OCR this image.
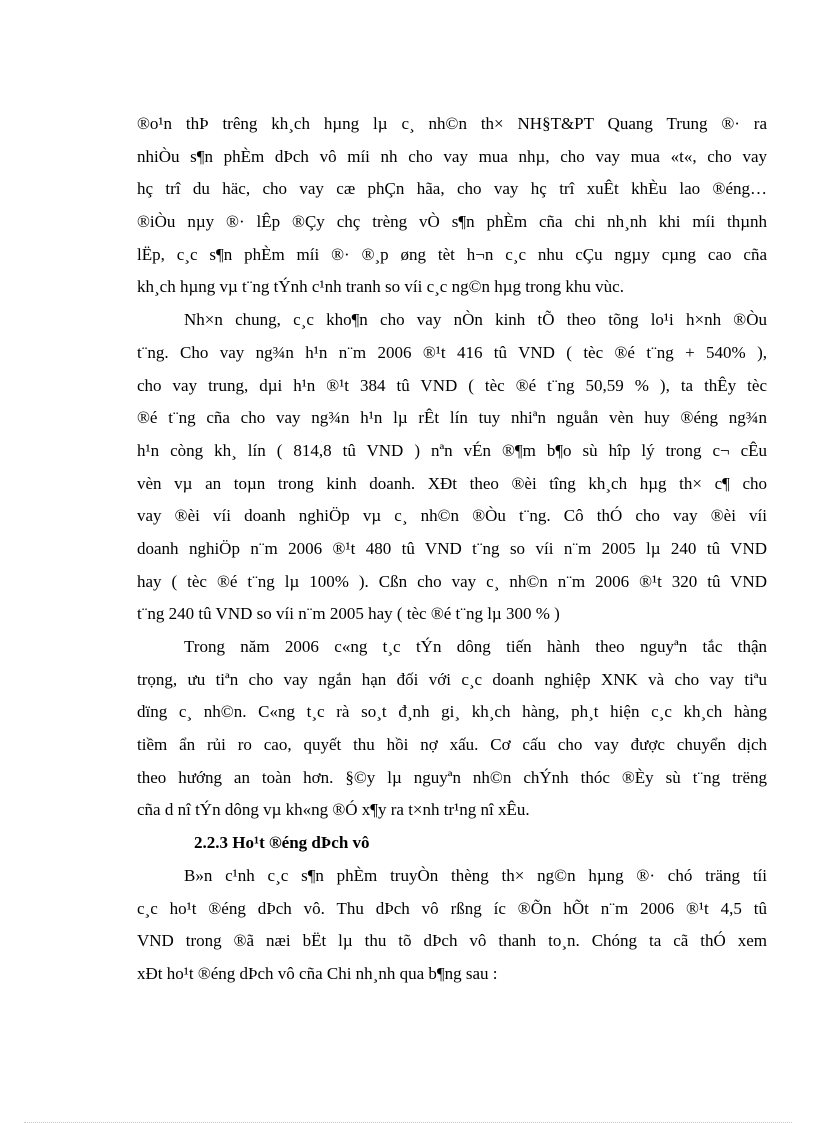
®o¹n thÞ trêng kh¸ch hµng lµ c¸ nh©n th× NH§T&PT Quang Trung ®· ra
nhiÒu s¶n phÈm dÞch vô míi nh cho vay mua nhµ, cho vay mua «t«, cho vay
hç trî du häc, cho vay cæ phÇn hãa, cho vay hç trî xuÊt khÈu lao ®éng…
®iÒu nµy ®· lÊp ®Çy chç trèng vÒ s¶n phÈm cña chi nh¸nh khi míi thµnh
lËp, c¸c s¶n phÈm míi ®· ®¸p øng tèt h¬n c¸c nhu cÇu ngµy cµng cao cña
kh¸ch hµng vµ t¨ng tÝnh c¹nh tranh so víi c¸c ng©n hµg trong khu vùc.
Nh×n chung, c¸c kho¶n cho vay nÒn kinh tÕ theo tõng lo¹i h×nh ®Òu
t¨ng. Cho vay ng¾n h¹n n¨m 2006 ®¹t 416 tû VND ( tèc ®é t¨ng + 540% ),
cho vay trung, dµi h¹n ®¹t 384 tû VND ( tèc ®é t¨ng 50,59 % ), ta thÊy tèc
®é t¨ng cña cho vay ng¾n h¹n lµ rÊt lín tuy nhiªn nguån vèn huy ®éng ng¾n
h¹n còng kh¸ lín ( 814,8 tû VND ) nªn vÉn ®¶m b¶o sù hîp lý trong c¬ cÊu
vèn vµ an toµn trong kinh doanh. XÐt theo ®èi tîng kh¸ch hµg th× c¶ cho
vay ®èi víi doanh nghiÖp vµ c¸ nh©n ®Òu t¨ng. Cô thÓ cho vay ®èi víi
doanh nghiÖp n¨m 2006 ®¹t 480 tû VND t¨ng so víi n¨m 2005 lµ 240 tû VND
hay ( tèc ®é t¨ng lµ 100% ). Cßn cho vay c¸ nh©n n¨m 2006 ®¹t 320 tû VND
t¨ng 240 tû VND so víi n¨m 2005 hay ( tèc ®é t¨ng lµ 300 % )
Trong năm 2006 c«ng t¸c tÝn dông tiến hành theo nguyªn tắc thận
trọng, ưu tiªn cho vay ngắn hạn đối với c¸c doanh nghiệp XNK và cho vay tiªu
dïng c¸ nh©n. C«ng t¸c rà so¸t đ¸nh gi¸ kh¸ch hàng, ph¸t hiện c¸c kh¸ch hàng
tiềm ẩn rủi ro cao, quyết thu hồi nợ xấu. Cơ cấu cho vay được chuyển dịch
theo hướng an toàn hơn. §©y lµ nguyªn nh©n chÝnh thóc ®Èy sù t¨ng trëng
cña d nî tÝn dông vµ kh«ng ®Ó x¶y ra t×nh tr¹ng nî xÊu.
2.2.3 Ho¹t ®éng dÞch vô
B»n c¹nh c¸c s¶n phÈm truyÒn thèng th× ng©n hµng ®· chó träng tíi
c¸c ho¹t ®éng dÞch vô. Thu dÞch vô rßng íc ®Õn hÕt n¨m 2006 ®¹t 4,5 tû
VND trong ®ã næi bËt lµ thu tõ dÞch vô thanh to¸n. Chóng ta cã thÓ xem
xÐt ho¹t ®éng dÞch vô cña Chi nh¸nh qua b¶ng sau :
